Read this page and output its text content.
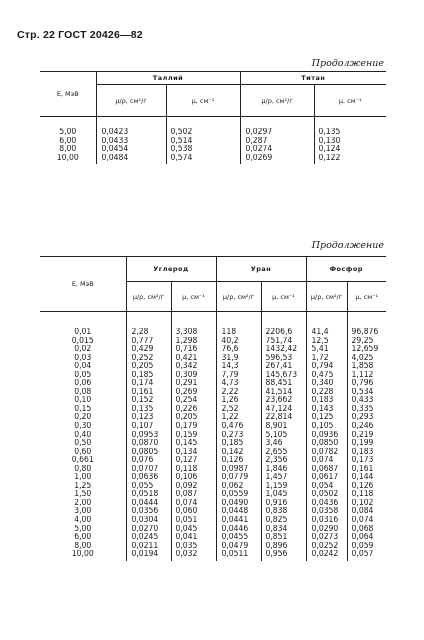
Стр. 22 ГОСТ 20426—82
Продолжение
E, МэВ	Таллий		Титан	
	μ/ρ, см²/г	μ, см⁻¹	μ/ρ, см²/г	μ, см⁻¹

5,00	0,0423	0,502	0,0297	0,135
6,00	0,0433	0,514	0,287	0,130
8,00	0,0454	0,538	0,0274	0,124
10,00	0,0484	0,574	0,0269	0,122
Продолжение
E, МэВ	Углерод		Уран		Фосфор	
	μ/ρ, см²/г	μ, см⁻¹	μ/ρ, см²/г	μ, см⁻¹	μ/ρ, см²/г	μ, см⁻¹

0,01	2,28	3,308	118	2206,6	41,4	96,876
0,015	0,777	1,298	40,2	751,74	12,5	29,25
0,02	0,429	0,716	76,6	1432,42	5,41	12,659
0,03	0,252	0,421	31,9	596,53	1,72	4,025
0,04	0,205	0,342	14,3	267,41	0,794	1,858
0,05	0,185	0,309	7,79	145,673	0,475	1,112
0,06	0,174	0,291	4,73	88,451	0,340	0,796
0,08	0,161	0,269	2,22	41,514	0,228	0,534
0,10	0,152	0,254	1,26	23,662	0,183	0,433
0,15	0,135	0,226	2,52	47,124	0,143	0,335
0,20	0,123	0,205	1,22	22,814	0,125	0,293
0,30	0,107	0,179	0,476	8,901	0,105	0,246
0,40	0,0953	0,159	0,273	5,105	0,0936	0,219
0,50	0,0870	0,145	0,185	3,46	0,0850	0,199
0,60	0,0805	0,134	0,142	2,655	0,0782	0,183
0,661	0,076	0,127	0,126	2,356	0,074	0,173
0,80	0,0707	0,118	0,0987	1,846	0,0687	0,161
1,00	0,0636	0,106	0,0779	1,457	0,0617	0,144
1,25	0,055	0,092	0,062	1,159	0,054	0,126
1,50	0,0518	0,087	0,0559	1,045	0,0502	0,118
2,00	0,0444	0,074	0,0490	0,916	0,0436	0,102
3,00	0,0356	0,060	0,0448	0,838	0,0358	0,084
4,00	0,0304	0,051	0,0441	0,825	0,0316	0,074
5,00	0,0270	0,045	0,0446	0,834	0,0290	0,068
6,00	0,0245	0,041	0,0455	0,851	0,0273	0,064
8,00	0,0211	0,035	0,0479	0,896	0,0252	0,059
10,00	0,0194	0,032	0,0511	0,956	0,0242	0,057
